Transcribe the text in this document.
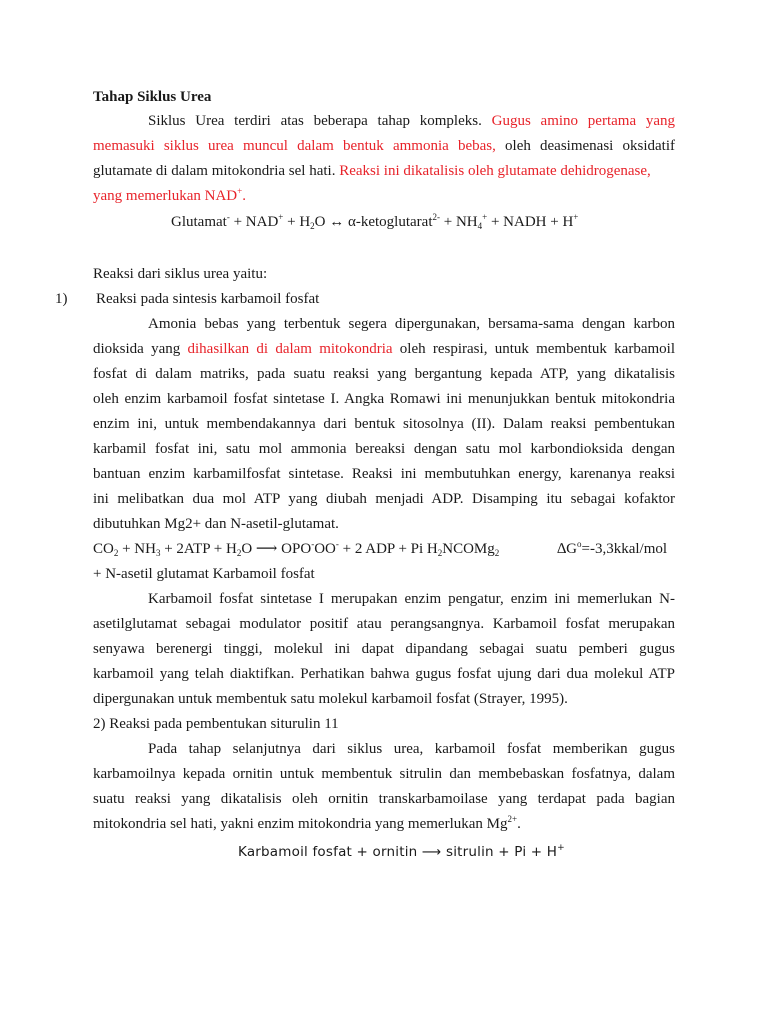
Tahap Siklus Urea
Siklus Urea terdiri atas beberapa tahap kompleks. Gugus amino pertama yang
memasuki siklus urea muncul dalam bentuk ammonia bebas, oleh deasimenasi oksidatif
glutamate di dalam mitokondria sel hati. Reaksi ini dikatalisis oleh glutamate dehidrogenase,
yang memerlukan NAD+.
Glutamat- + $NAD^+ + H_2O$ ↔ α-ketoglutarat$^{2-}$ + $NH_4^+$ + NADH + H+
Reaksi dari siklus urea yaitu:
1)	Reaksi pada sintesis karbamoil fosfat
Amonia bebas yang terbentuk segera dipergunakan, bersama-sama dengan karbon
dioksida yang dihasilkan di dalam mitokondria oleh respirasi, untuk membentuk karbamoil
fosfat di dalam matriks, pada suatu reaksi yang bergantung kepada ATP, yang dikatalisis
oleh enzim karbamoil fosfat sintetase I. Angka Romawi ini menunjukkan bentuk mitokondria
enzim ini, untuk membendakannya dari bentuk sitosolnya (II). Dalam reaksi pembentukan
karbamil fosfat ini, satu mol ammonia bereaksi dengan satu mol karbondioksida dengan
bantuan enzim karbamilfosfat sintetase. Reaksi ini membutuhkan energy, karenanya reaksi
ini melibatkan dua mol ATP yang diubah menjadi ADP. Disamping itu sebagai kofaktor
dibutuhkan Mg2+ dan N-asetil-glutamat.
$CO_2 + NH_3 + 2ATP + H_2O$ ⟶ OPO-OO- + 2 ADP + Pi $H_2NCOMg_2$	$\Delta G^o=-3,3kkal$/mol
+ N-asetil glutamat Karbamoil fosfat
Karbamoil fosfat sintetase I merupakan enzim pengatur, enzim ini memerlukan N-
asetilglutamat sebagai modulator positif atau perangsangnya. Karbamoil fosfat merupakan
senyawa berenergi tinggi, molekul ini dapat dipandang sebagai suatu pemberi gugus
karbamoil yang telah diaktifkan. Perhatikan bahwa gugus fosfat ujung dari dua molekul ATP
dipergunakan untuk membentuk satu molekul karbamoil fosfat (Strayer, 1995).
2) Reaksi pada pembentukan siturulin 11
Pada tahap selanjutnya dari siklus urea, karbamoil fosfat memberikan gugus
karbamoilnya kepada ornitin untuk membentuk sitrulin dan membebaskan fosfatnya, dalam
suatu reaksi yang dikatalisis oleh ornitin transkarbamoilase yang terdapat pada bagian
mitokondria sel hati, yakni enzim mitokondria yang memerlukan $Mg^{2+}$.
Karbamoil fosfat + ornitin ⟶ sitrulin + Pi + H+
